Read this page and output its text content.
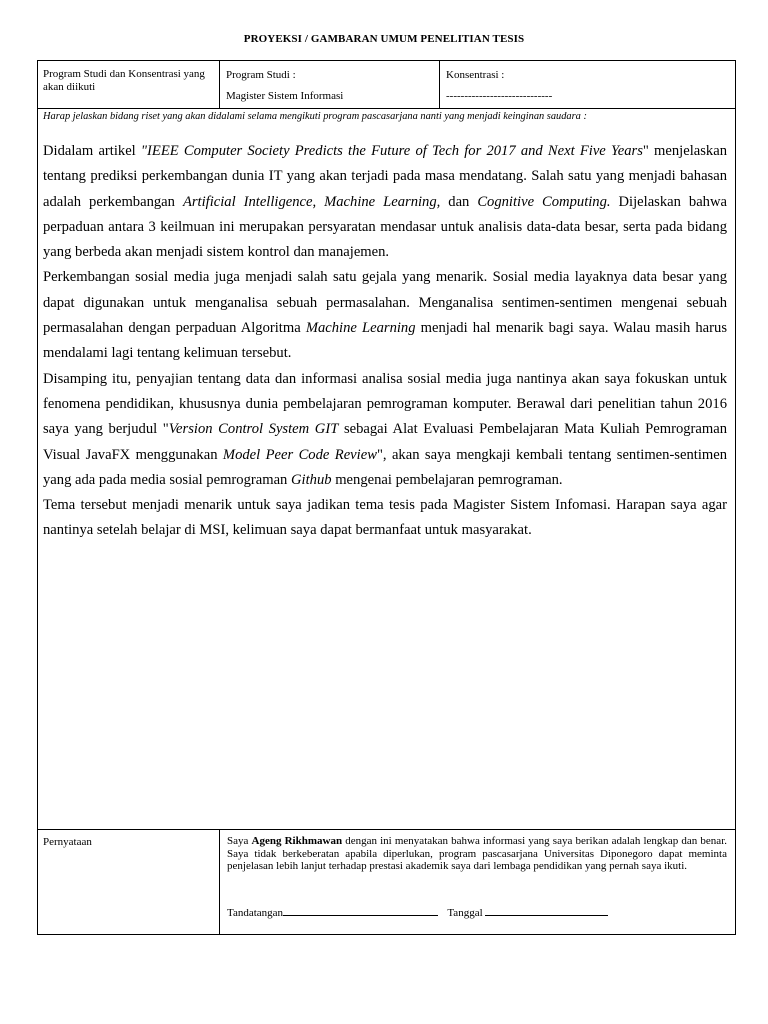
PROYEKSI / GAMBARAN UMUM PENELITIAN TESIS
Program Studi dan Konsentrasi yang akan diikuti
Program Studi :
Magister Sistem Informasi
Konsentrasi :
-----------------------------
Harap jelaskan bidang riset yang akan didalami selama mengikuti program pascasarjana nanti yang menjadi keinginan saudara :

Didalam artikel "IEEE Computer Society Predicts the Future of Tech for 2017 and Next Five Years" menjelaskan tentang prediksi perkembangan dunia IT yang akan terjadi pada masa mendatang. Salah satu yang menjadi bahasan adalah perkembangan Artificial Intelligence, Machine Learning, dan Cognitive Computing. Dijelaskan bahwa perpaduan antara 3 keilmuan ini merupakan persyaratan mendasar untuk analisis data-data besar, serta pada bidang yang berbeda akan menjadi sistem kontrol dan manajemen.

Perkembangan sosial media juga menjadi salah satu gejala yang menarik. Sosial media layaknya data besar yang dapat digunakan untuk menganalisa sebuah permasalahan. Menganalisa sentimen-sentimen mengenai sebuah permasalahan dengan perpaduan Algoritma Machine Learning menjadi hal menarik bagi saya. Walau masih harus mendalami lagi tentang kelimuan tersebut.

Disamping itu, penyajian tentang data dan informasi analisa sosial media juga nantinya akan saya fokuskan untuk fenomena pendidikan, khususnya dunia pembelajaran pemrograman komputer. Berawal dari penelitian tahun 2016 saya yang berjudul "Version Control System GIT sebagai Alat Evaluasi Pembelajaran Mata Kuliah Pemrograman Visual JavaFX menggunakan Model Peer Code Review", akan saya mengkaji kembali tentang sentimen-sentimen yang ada pada media sosial pemrograman Github mengenai pembelajaran pemrograman.

Tema tersebut menjadi menarik untuk saya jadikan tema tesis pada Magister Sistem Infomasi. Harapan saya agar nantinya setelah belajar di MSI, kelimuan saya dapat bermanfaat untuk masyarakat.

Pernyataan	Saya Ageng Rikhmawan dengan ini menyatakan bahwa informasi yang saya berikan adalah lengkap dan benar. Saya tidak berkeberatan apabila diperlukan, program pascasarjana Universitas Diponegoro dapat meminta penjelasan lebih lanjut terhadap prestasi akademik saya dari lembaga pendidikan yang pernah saya ikuti.
Tandatangan	Tanggal
